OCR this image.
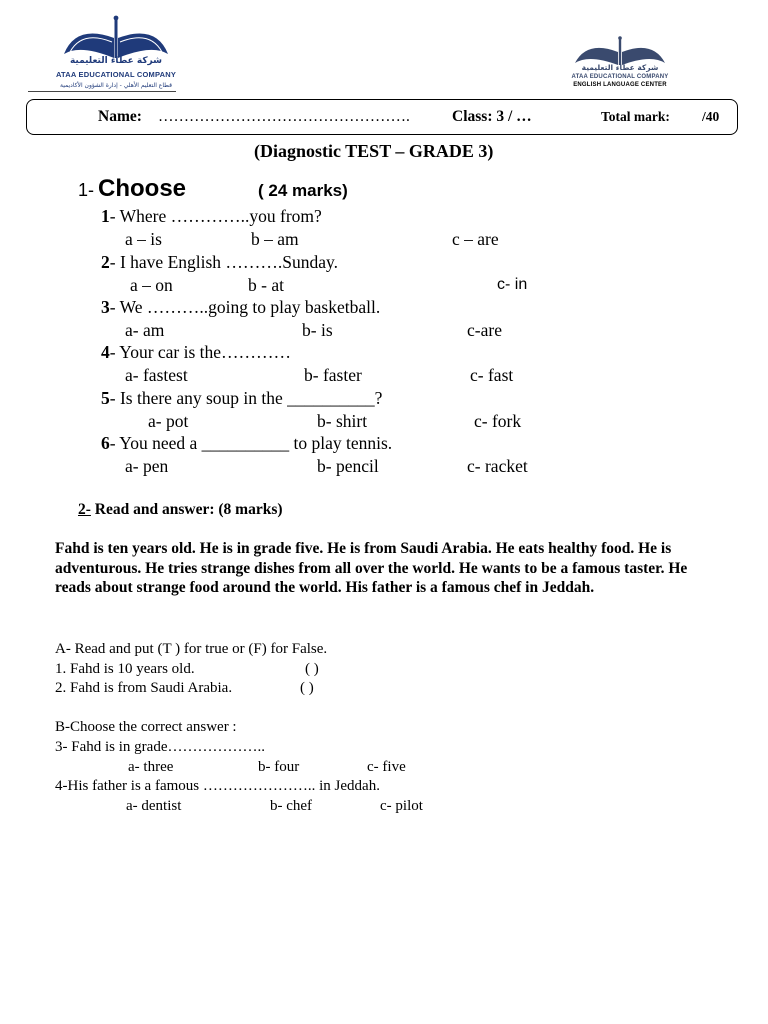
شركة عطاء التعليمية
ATAA EDUCATIONAL COMPANY
قطاع التعليم الأهلي - إدارة الشؤون الأكاديمية
شركة عطاء التعليمية
ATAA EDUCATIONAL COMPANY
ENGLISH LANGUAGE CENTER
Name: ………………………………………….	Class: 3 / …	Total mark: /40
(Diagnostic TEST – GRADE 3)
1- Choose	( 24 marks)
1- Where …………..you from?
a – is	b – am	c – are
2- I have English ……….Sunday.
a – on	b - at	c- in
3- We ………..going to play basketball.
a- am	b- is	c-are
4- Your car is the…………
a- fastest	b- faster	c- fast
5- Is there any soup in the __________?
a- pot	b- shirt	c- fork
6- You need a __________ to play tennis.
a- pen	b- pencil	c- racket
2- Read and answer: (8 marks)
Fahd is ten years old. He is in grade five. He is from Saudi Arabia. He eats healthy food. He is adventurous. He tries strange dishes from all over the world. He wants to be a famous taster. He reads about strange food around the world. His father is a famous chef in Jeddah.
A- Read and put (T ) for true or (F) for False.
1. Fahd is 10 years old.	( )
2. Fahd is from Saudi Arabia.	( )
B-Choose the correct answer :
3- Fahd is in grade………………..
a- three	b- four	c- five
4-His father is a famous ………………….. in Jeddah.
a- dentist	b- chef	c- pilot
